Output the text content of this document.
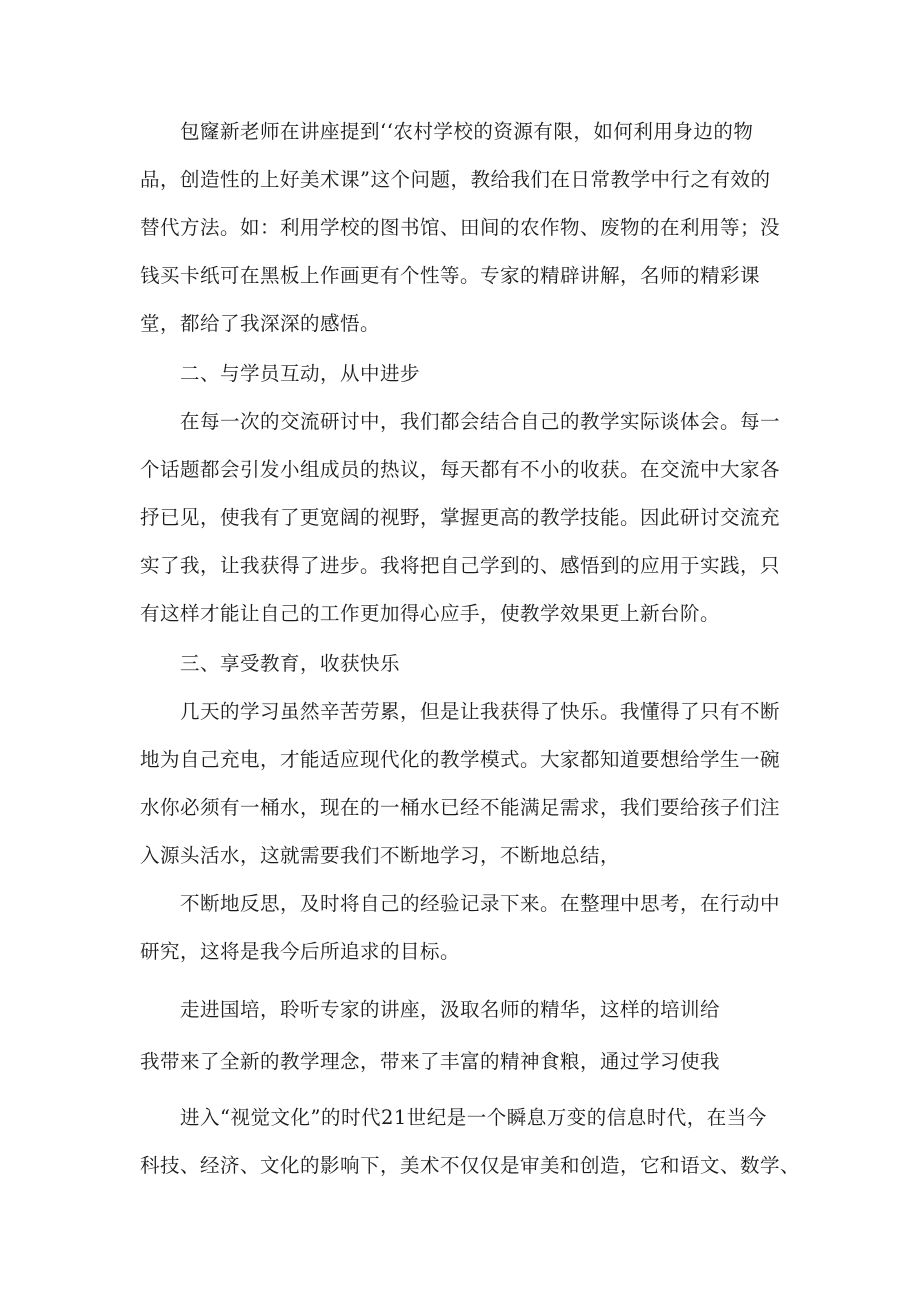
包窿新老师在讲座提到‘‘农村学校的资源有限，如何利用身边的物
品，创造性的上好美术课”这个问题，教给我们在日常教学中行之有效的
替代方法。如：利用学校的图书馆、田间的农作物、废物的在利用等；没
钱买卡纸可在黑板上作画更有个性等。专家的精辟讲解，名师的精彩课
堂，都给了我深深的感悟。
二、与学员互动，从中进步
在每一次的交流研讨中，我们都会结合自己的教学实际谈体会。每一
个话题都会引发小组成员的热议，每天都有不小的收获。在交流中大家各
抒已见，使我有了更宽阔的视野，掌握更高的教学技能。因此研讨交流充
实了我，让我获得了进步。我将把自己学到的、感悟到的应用于实践，只
有这样才能让自己的工作更加得心应手，使教学效果更上新台阶。
三、享受教育，收获快乐
几天的学习虽然辛苦劳累，但是让我获得了快乐。我懂得了只有不断
地为自己充电，才能适应现代化的教学模式。大家都知道要想给学生一碗
水你必须有一桶水，现在的一桶水已经不能满足需求，我们要给孩子们注
入源头活水，这就需要我们不断地学习，不断地总结，
不断地反思，及时将自己的经验记录下来。在整理中思考，在行动中
研究，这将是我今后所追求的目标。
走进国培，聆听专家的讲座，汲取名师的精华，这样的培训给
我带来了全新的教学理念，带来了丰富的精神食粮，通过学习使我
进入“视觉文化”的时代21世纪是一个瞬息万变的信息时代，在当今
科技、经济、文化的影响下，美术不仅仅是审美和创造，它和语文、数学、
